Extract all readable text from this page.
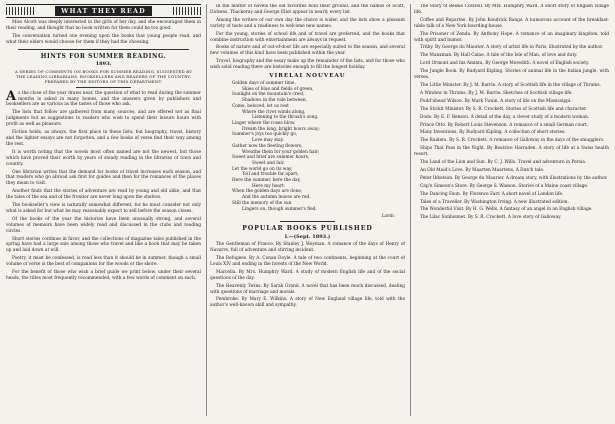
WHAT THEY READ

Miss Alcott was deeply interested in the girls of her day, and she encouraged them in their reading, and thought that no book written for them could be too good.

The conversation turned one evening upon the books that young people read, and what their elders would choose for them if they had the choosing.

HINTS FOR SUMMER READING.
1893.
A SERIES OF COMMENTS ON BOOKS FOR SUMMER READING, SUGGESTED BY THE LEADING LIBRARIANS, BOOKSELLERS AND READERS OF THE COUNTRY, PREPARED BY THE EDITORS OF THIS DEPARTMENT.

As the close of the year draws near, the question of what to read during the summer months is asked in many homes, and the answers given by publishers and booksellers are as various as the tastes of those who ask.

The lists that follow are gathered from many sources, and are offered not as final judgments but as suggestions to readers who wish to spend their leisure hours with profit as well as pleasure.

Fiction holds, as always, the first place in these lists; but biography, travel, history and the lighter essays are not forgotten, and a few books of verse find their way among the rest.

It is worth noting that the novels most often named are not the newest, but those which have proved their worth by years of steady reading in the libraries of town and country.

One librarian writes that the demand for books of travel increases each season, and that readers who go abroad ask first for guides and then for the romances of the places they mean to visit.

Another finds that the stories of adventure are read by young and old alike, and that the tales of the sea and of the frontier are never long upon the shelves.

The bookseller's view is naturally somewhat different, for he must consider not only what is asked for but what he may reasonably expect to sell before the season closes.

Of the books of the year the histories have been unusually strong, and several volumes of memoirs have been widely read and discussed in the clubs and reading circles.

Short stories continue in favor, and the collections of magazine tales published in the spring have had a large sale among those who travel and like a book that may be taken up and laid down at will.

Poetry, it must be confessed, is read less than it should be in summer, though a small volume of verse is the best of companions for the woods or the shore.

For the benefit of those who wish a brief guide we print below, under their several heads, the titles most frequently recommended, with a few words of comment on each.

In the matter of novels the old favorites hold their ground, and the names of Scott, Dickens, Thackeray and George Eliot appear in nearly every list.

Among the writers of our own day the choice is wider, and the lists show a pleasant variety of taste and a readiness to welcome new names.

For the young, stories of school life and of travel are preferred, and the books that combine instruction with entertainment are always in request.

Books of nature and of out-of-door life are especially suited to the season, and several new volumes of this kind have been published within the year.

Travel, biography and the essay make up the remainder of the lists, and for those who wish solid reading there are histories enough to fill the longest holiday.

VIRELAI NOUVEAU
Golden days of summer time,
Skies of blue and fields of green,
Sunlight on the mountain's crest,
Shadows in the vale between.
Come, beloved, let us rest
Where the river winds along,
Listening to the thrush's song.
Linger where the roses blow,
Dream the long, bright hours away;
Summer's joys too quickly go,
Love may stay.
Gather now the fleeting flowers,
Wreathe them for your golden hair;
Sweet and brief are summer hours,
Sweet and fair.
Let the world go on its way,
Toil and trouble far apart;
Here the summer, here the day,
Here my heart.
When the golden days are done,
And the autumn leaves are red,
Still the memory of the sun
Lingers on, though summer's fled.
Lamb.
POPULAR BOOKS PUBLISHED
I.—(Sept. 1893.)

The Gentleman of France. By Stanley J. Weyman. A romance of the days of Henry of Navarre, full of adventure and stirring incident.

The Refugees. By A. Conan Doyle. A tale of two continents, beginning at the court of Louis XIV and ending in the forests of the New World.

Marcella. By Mrs. Humphry Ward. A study of modern English life and of the social questions of the day.

The Heavenly Twins. By Sarah Grand. A novel that has been much discussed, dealing with questions of marriage and morals.

Pembroke. By Mary E. Wilkins. A story of New England village life, told with the author's well-known skill and sympathy.

The Story of Bessie Costrell. By Mrs. Humphry Ward. A short story of English village life.

Coffee and Repartee. By John Kendrick Bangs. A humorous account of the breakfast-table talk of a New York boarding-house.

The Prisoner of Zenda. By Anthony Hope. A romance of an imaginary kingdom, told with spirit and humor.

Trilby. By George du Maurier. A story of artist life in Paris, illustrated by the author.

The Manxman. By Hall Caine. A tale of the Isle of Man, of love and duty.

Lord Ormont and his Aminta. By George Meredith. A novel of English society.

The Jungle Book. By Rudyard Kipling. Stories of animal life in the Indian jungle, with verses.

The Little Minister. By J. M. Barrie. A story of Scottish life in the village of Thrums.

A Window in Thrums. By J. M. Barrie. Sketches of Scottish village life.

Pudd'nhead Wilson. By Mark Twain. A story of life on the Mississippi.

The Stickit Minister. By S. R. Crockett. Stories of Scottish life and character.

Dodo. By E. F. Benson. A detail of the day, a clever study of a modern woman.

Prince Otto. By Robert Louis Stevenson. A romance of a small German court.

Many Inventions. By Rudyard Kipling. A collection of short stories.

The Raiders. By S. R. Crockett. A romance of Galloway in the days of the smugglers.

Ships That Pass in the Night. By Beatrice Harraden. A story of life at a Swiss health resort.

The Land of the Lion and Sun. By C. J. Wills. Travel and adventure in Persia.

An Old Maid's Love. By Maarten Maartens. A Dutch tale.

Peter Ibbetson. By George du Maurier. A dream story, with illustrations by the author.

Cap'n Simeon's Store. By George S. Wasson. Stories of a Maine coast village.

The Dancing Faun. By Florence Farr. A short novel of London life.

Tales of a Traveller. By Washington Irving. A new illustrated edition.

The Wonderful Visit. By H. G. Wells. A fantasy of an angel in an English village.

The Lilac Sunbonnet. By S. R. Crockett. A love story of Galloway.
